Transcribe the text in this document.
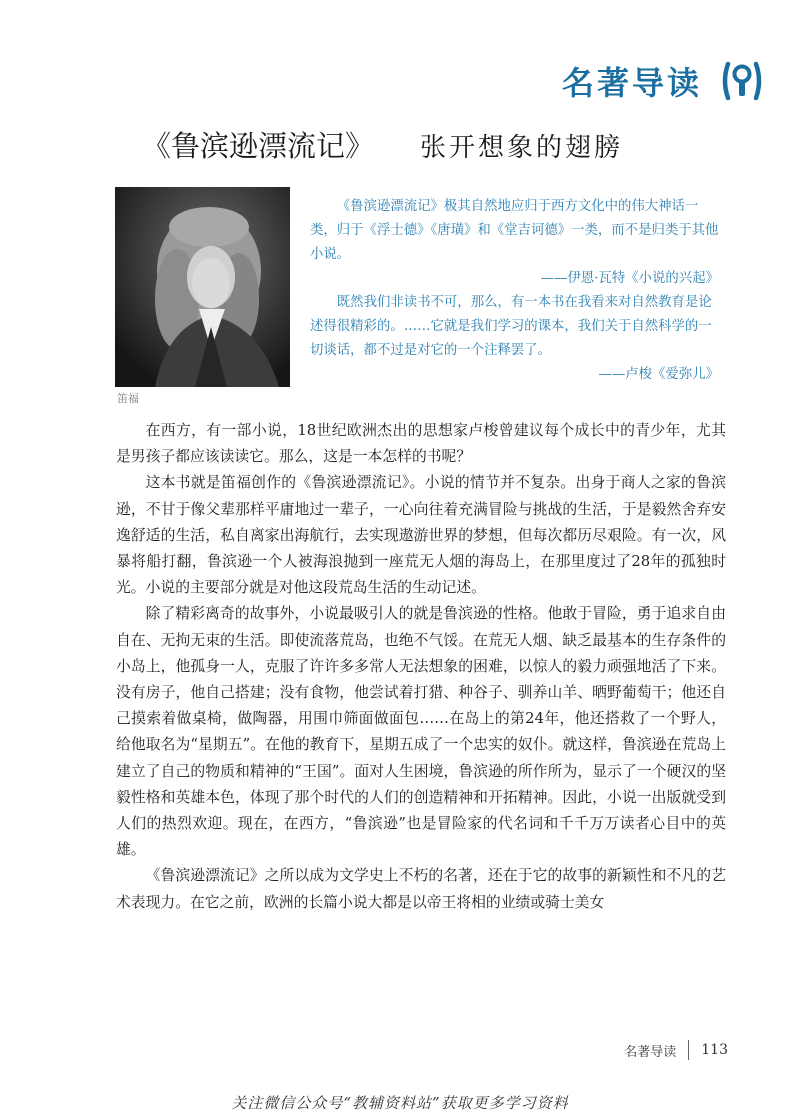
名著导读
《鲁滨逊漂流记》 张开想象的翅膀
笛福

《鲁滨逊漂流记》极其自然地应归于西方文化中的伟大神话一类，归于《浮士德》《唐璜》和《堂吉诃德》一类，而不是归类于其他小说。

——伊恩·瓦特《小说的兴起》

既然我们非读书不可，那么，有一本书在我看来对自然教育是论述得很精彩的。……它就是我们学习的课本，我们关于自然科学的一切谈话，都不过是对它的一个注释罢了。

——卢梭《爱弥儿》

在西方，有一部小说，18世纪欧洲杰出的思想家卢梭曾建议每个成长中的青少年，尤其是男孩子都应该读读它。那么，这是一本怎样的书呢？

这本书就是笛福创作的《鲁滨逊漂流记》。小说的情节并不复杂。出身于商人之家的鲁滨逊，不甘于像父辈那样平庸地过一辈子，一心向往着充满冒险与挑战的生活，于是毅然舍弃安逸舒适的生活，私自离家出海航行，去实现遨游世界的梦想，但每次都历尽艰险。有一次，风暴将船打翻，鲁滨逊一个人被海浪抛到一座荒无人烟的海岛上，在那里度过了28年的孤独时光。小说的主要部分就是对他这段荒岛生活的生动记述。

除了精彩离奇的故事外，小说最吸引人的就是鲁滨逊的性格。他敢于冒险，勇于追求自由自在、无拘无束的生活。即使流落荒岛，也绝不气馁。在荒无人烟、缺乏最基本的生存条件的小岛上，他孤身一人，克服了许许多多常人无法想象的困难，以惊人的毅力顽强地活了下来。没有房子，他自己搭建；没有食物，他尝试着打猎、种谷子、驯养山羊、晒野葡萄干；他还自己摸索着做桌椅，做陶器，用围巾筛面做面包……在岛上的第24年，他还搭救了一个野人，给他取名为“星期五”。在他的教育下，星期五成了一个忠实的奴仆。就这样，鲁滨逊在荒岛上建立了自己的物质和精神的“王国”。面对人生困境，鲁滨逊的所作所为，显示了一个硬汉的坚毅性格和英雄本色，体现了那个时代的人们的创造精神和开拓精神。因此，小说一出版就受到人们的热烈欢迎。现在，在西方，“鲁滨逊”也是冒险家的代名词和千千万万读者心目中的英雄。

《鲁滨逊漂流记》之所以成为文学史上不朽的名著，还在于它的故事的新颖性和不凡的艺术表现力。在它之前，欧洲的长篇小说大都是以帝王将相的业绩或骑士美女

名著导读 113
关注微信公众号“教辅资料站”获取更多学习资料
